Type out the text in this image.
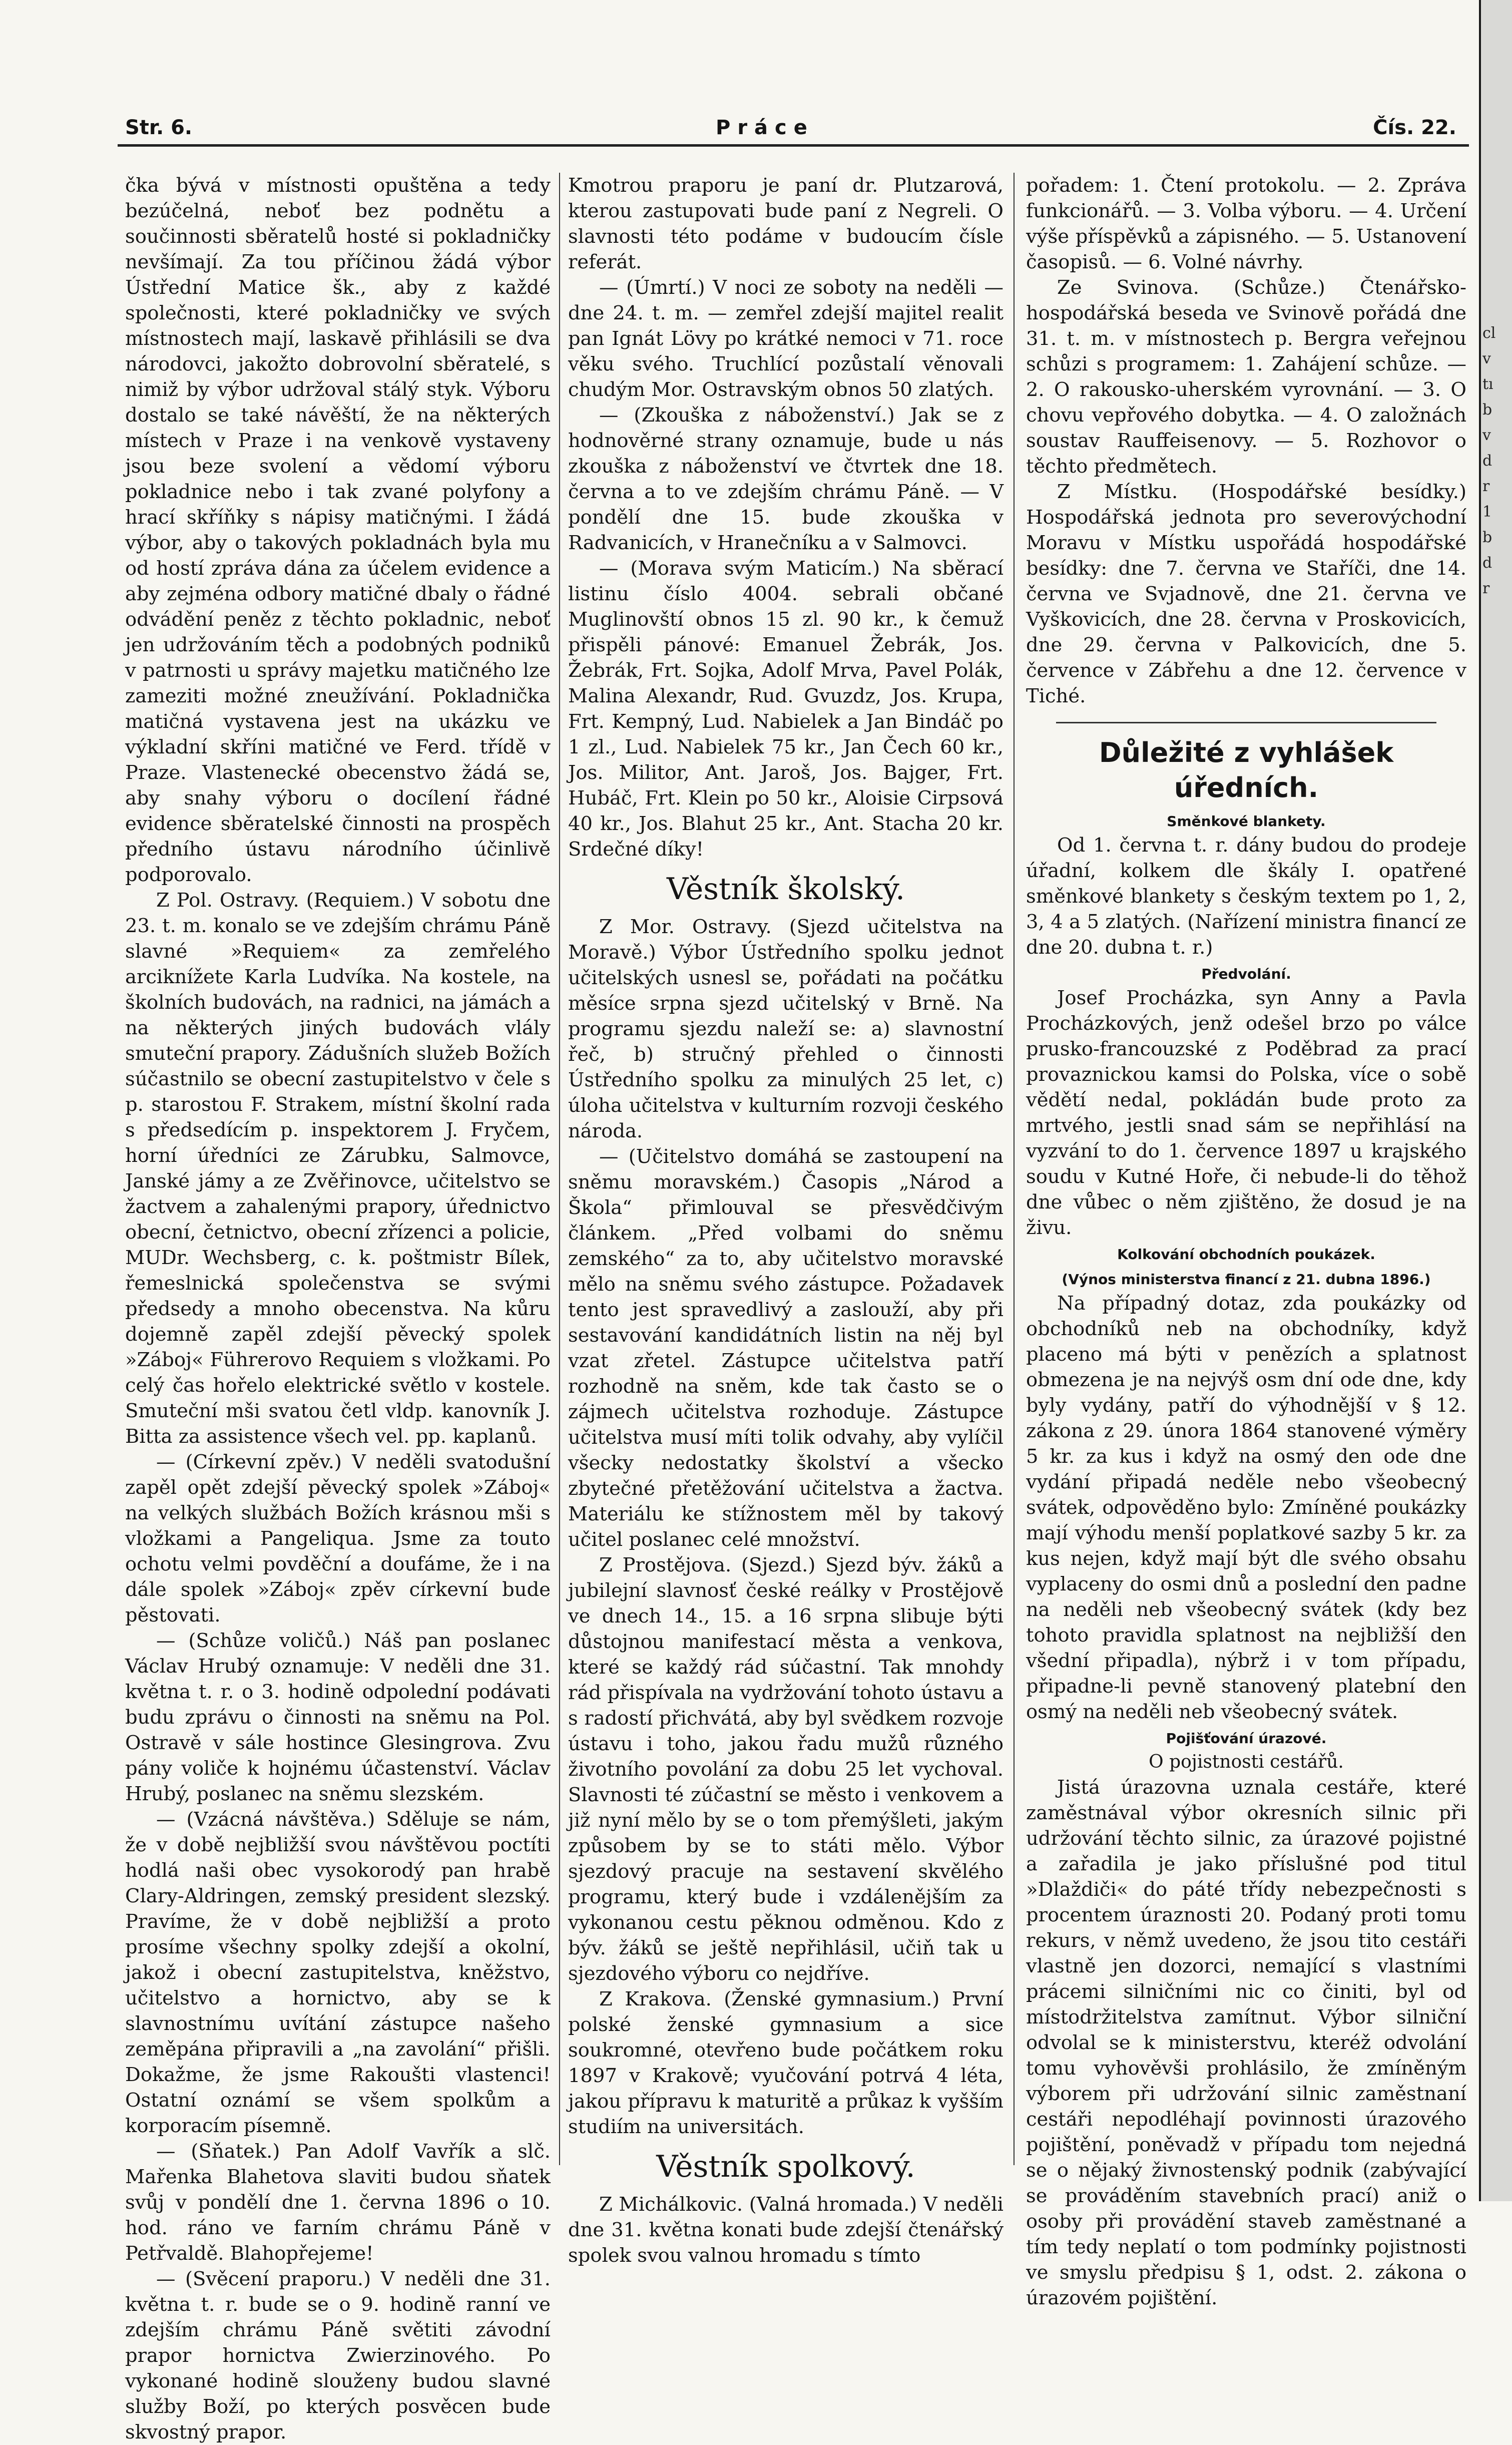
Str. 6.	Práce	Čís. 22.

čka bývá v místnosti opuštěna a tedy bezúčelná, neboť bez podnětu a součinnosti sběratelů hosté si pokladničky nevšímají. Za tou příčinou žádá výbor Ústřední Matice šk., aby z každé společnosti, které pokladničky ve svých místnostech mají, laskavě přihlásili se dva národovci, jakožto dobrovolní sběratelé, s nimiž by výbor udržoval stálý styk. Výboru dostalo se také návěští, že na některých místech v Praze i na venkově vystaveny jsou beze svolení a vědomí výboru pokladnice nebo i tak zvané polyfony a hrací skříňky s nápisy matičnými. I žádá výbor, aby o takových pokladnách byla mu od hostí zpráva dána za účelem evidence a aby zejména odbory matičné dbaly o řádné odvádění peněz z těchto pokladnic, neboť jen udržováním těch a podobných podniků v patrnosti u správy majetku matičného lze zameziti možné zneužívání. Pokladnička matičná vystavena jest na ukázku ve výkladní skříni matičné ve Ferd. třídě v Praze. Vlastenecké obecenstvo žádá se, aby snahy výboru o docílení řádné evidence sběratelské činnosti na prospěch předního ústavu národního účinlivě podporovalo.

Z Pol. Ostravy. (Requiem.) V sobotu dne 23. t. m. konalo se ve zdejším chrámu Páně slavné »Requiem« za zemřelého arciknížete Karla Ludvíka. Na kostele, na školních budovách, na radnici, na jámách a na některých jiných budovách vlály smuteční prapory. Zádušních služeb Božích súčastnilo se obecní zastupitelstvo v čele s p. starostou F. Strakem, místní školní rada s předsedícím p. inspektorem J. Fryčem, horní úředníci ze Zárubku, Salmovce, Janské jámy a ze Zvěřinovce, učitelstvo se žactvem a zahalenými prapory, úřednictvo obecní, četnictvo, obecní zřízenci a policie, MUDr. Wechsberg, c. k. poštmistr Bílek, řemeslnická společenstva se svými předsedy a mnoho obecenstva. Na kůru dojemně zapěl zdejší pěvecký spolek »Záboj« Führerovo Requiem s vložkami. Po celý čas hořelo elektrické světlo v kostele. Smuteční mši svatou četl vldp. kanovník J. Bitta za assistence všech vel. pp. kaplanů.

— (Církevní zpěv.) V neděli svatodušní zapěl opět zdejší pěvecký spolek »Záboj« na velkých službách Božích krásnou mši s vložkami a Pangeliqua. Jsme za touto ochotu velmi povděční a doufáme, že i na dále spolek »Záboj« zpěv církevní bude pěstovati.

— (Schůze voličů.) Náš pan poslanec Václav Hrubý oznamuje: V neděli dne 31. května t. r. o 3. hodině odpolední podávati budu zprávu o činnosti na sněmu na Pol. Ostravě v sále hostince Glesingrova. Zvu pány voliče k hojnému účastenství. Václav Hrubý, poslanec na sněmu slezském.

— (Vzácná návštěva.) Sděluje se nám, že v době nejbližší svou návštěvou poctíti hodlá naši obec vysokorodý pan hrabě Clary-Aldringen, zemský president slezský. Pravíme, že v době nejbližší a proto prosíme všechny spolky zdejší a okolní, jakož i obecní zastupitelstva, kněžstvo, učitelstvo a hornictvo, aby se k slavnostnímu uvítání zástupce našeho zeměpána připravili a „na zavolání“ přišli. Dokažme, že jsme Rakoušti vlastenci! Ostatní oznámí se všem spolkům a korporacím písemně.

— (Sňatek.) Pan Adolf Vavřík a slč. Mařenka Blahetova slaviti budou sňatek svůj v pondělí dne 1. června 1896 o 10. hod. ráno ve farním chrámu Páně v Petřvaldě. Blahopřejeme!

— (Svěcení praporu.) V neděli dne 31. května t. r. bude se o 9. hodině ranní ve zdejším chrámu Páně světiti závodní prapor hornictva Zwierzinového. Po vykonané hodině slouženy budou slavné služby Boží, po kterých posvěcen bude skvostný prapor.

Kmotrou praporu je paní dr. Plutzarová, kterou zastupovati bude paní z Negreli. O slavnosti této podáme v budoucím čísle referát.

— (Úmrtí.) V noci ze soboty na neděli — dne 24. t. m. — zemřel zdejší majitel realit pan Ignát Lövy po krátké nemoci v 71. roce věku svého. Truchlící pozůstalí věnovali chudým Mor. Ostravským obnos 50 zlatých.

— (Zkouška z náboženství.) Jak se z hodnověrné strany oznamuje, bude u nás zkouška z náboženství ve čtvrtek dne 18. června a to ve zdejším chrámu Páně. — V pondělí dne 15. bude zkouška v Radvanicích, v Hranečníku a v Salmovci.

— (Morava svým Maticím.) Na sběrací listinu číslo 4004. sebrali občané Muglinovští obnos 15 zl. 90 kr., k čemuž přispěli pánové: Emanuel Žebrák, Jos. Žebrák, Frt. Sojka, Adolf Mrva, Pavel Polák, Malina Alexandr, Rud. Gvuzdz, Jos. Krupa, Frt. Kempný, Lud. Nabielek a Jan Bindáč po 1 zl., Lud. Nabielek 75 kr., Jan Čech 60 kr., Jos. Militor, Ant. Jaroš, Jos. Bajger, Frt. Hubáč, Frt. Klein po 50 kr., Aloisie Cirpsová 40 kr., Jos. Blahut 25 kr., Ant. Stacha 20 kr. Srdečné díky!

Věstník školský.

Z Mor. Ostravy. (Sjezd učitelstva na Moravě.) Výbor Ústředního spolku jednot učitelských usnesl se, pořádati na počátku měsíce srpna sjezd učitelský v Brně. Na programu sjezdu naleží se: a) slavnostní řeč, b) stručný přehled o činnosti Ústředního spolku za minulých 25 let, c) úloha učitelstva v kulturním rozvoji českého národa.

— (Učitelstvo domáhá se zastoupení na sněmu moravském.) Časopis „Národ a Škola“ přimlouval se přesvědčivým článkem. „Před volbami do sněmu zemského“ za to, aby učitelstvo moravské mělo na sněmu svého zástupce. Požadavek tento jest spravedlivý a zaslouží, aby při sestavování kandidátních listin na něj byl vzat zřetel. Zástupce učitelstva patří rozhodně na sněm, kde tak často se o zájmech učitelstva rozhoduje. Zástupce učitelstva musí míti tolik odvahy, aby vylíčil všecky nedostatky školství a všecko zbytečné přetěžování učitelstva a žactva. Materiálu ke stížnostem měl by takový učitel poslanec celé množství.

Z Prostějova. (Sjezd.) Sjezd býv. žáků a jubilejní slavnosť české reálky v Prostějově ve dnech 14., 15. a 16 srpna slibuje býti důstojnou manifestací města a venkova, které se každý rád súčastní. Tak mnohdy rád přispívala na vydržování tohoto ústavu a s radostí přichvátá, aby byl svědkem rozvoje ústavu i toho, jakou řadu mužů různého životního povolání za dobu 25 let vychoval. Slavnosti té zúčastní se město i venkovem a již nyní mělo by se o tom přemýšleti, jakým způsobem by se to státi mělo. Výbor sjezdový pracuje na sestavení skvělého programu, který bude i vzdálenějším za vykonanou cestu pěknou odměnou. Kdo z býv. žáků se ještě nepřihlásil, učiň tak u sjezdového výboru co nejdříve.

Z Krakova. (Ženské gymnasium.) První polské ženské gymnasium a sice soukromné, otevřeno bude počátkem roku 1897 v Krakově; vyučování potrvá 4 léta, jakou přípravu k maturitě a průkaz k vyšším studiím na universitách.

Věstník spolkový.

Z Michálkovic. (Valná hromada.) V neděli dne 31. května konati bude zdejší čtenářský spolek svou valnou hromadu s tímto

pořadem: 1. Čtení protokolu. — 2. Zpráva funkcionářů. — 3. Volba výboru. — 4. Určení výše příspěvků a zápisného. — 5. Ustanovení časopisů. — 6. Volné návrhy.

Ze Svinova. (Schůze.) Čtenářsko-hospodářská beseda ve Svinově pořádá dne 31. t. m. v místnostech p. Bergra veřejnou schůzi s programem: 1. Zahájení schůze. — 2. O rakousko-uherském vyrovnání. — 3. O chovu vepřového dobytka. — 4. O založnách soustav Rauffeisenovy. — 5. Rozhovor o těchto předmětech.

Z Místku. (Hospodářské besídky.) Hospodářská jednota pro severovýchodní Moravu v Místku uspořádá hospodářské besídky: dne 7. června ve Staříči, dne 14. června ve Svjadnově, dne 21. června ve Vyškovicích, dne 28. června v Proskovicích, dne 29. června v Palkovicích, dne 5. července v Zábřehu a dne 12. července v Tiché.

Důležité z vyhlášek úředních.
Směnkové blankety.

Od 1. června t. r. dány budou do prodeje úřadní, kolkem dle škály I. opatřené směnkové blankety s českým textem po 1, 2, 3, 4 a 5 zlatých. (Nařízení ministra financí ze dne 20. dubna t. r.)

Předvolání.

Josef Procházka, syn Anny a Pavla Procházkových, jenž odešel brzo po válce prusko-francouzské z Poděbrad za prací provaznickou kamsi do Polska, více o sobě vědětí nedal, pokládán bude proto za mrtvého, jestli snad sám se nepřihlásí na vyzvání to do 1. července 1897 u krajského soudu v Kutné Hoře, či nebude-li do těhož dne vůbec o něm zjištěno, že dosud je na živu.

Kolkování obchodních poukázek.
(Výnos ministerstva financí z 21. dubna 1896.)

Na případný dotaz, zda poukázky od obchodníků neb na obchodníky, když placeno má býti v penězích a splatnost obmezena je na nejvýš osm dní ode dne, kdy byly vydány, patří do výhodnější v § 12. zákona z 29. února 1864 stanovené výměry 5 kr. za kus i když na osmý den ode dne vydání připadá neděle nebo všeobecný svátek, odpověděno bylo: Zmíněné poukázky mají výhodu menší poplatkové sazby 5 kr. za kus nejen, když mají být dle svého obsahu vyplaceny do osmi dnů a poslední den padne na neděli neb všeobecný svátek (kdy bez tohoto pravidla splatnost na nejbližší den všední připadla), nýbrž i v tom případu, připadne-li pevně stanovený platební den osmý na neděli neb všeobecný svátek.

Pojišťování úrazové.
O pojistnosti cestářů.

Jistá úrazovna uznala cestáře, které zaměstnával výbor okresních silnic při udržování těchto silnic, za úrazové pojistné a zařadila je jako příslušné pod titul »Dlaždiči« do páté třídy nebezpečnosti s procentem úraznosti 20. Podaný proti tomu rekurs, v němž uvedeno, že jsou tito cestáři vlastně jen dozorci, nemající s vlastními prácemi silničními nic co činiti, byl od místodržitelstva zamítnut. Výbor silniční odvolal se k ministerstvu, kteréž odvolání tomu vyhověvši prohlásilo, že zmíněným výborem při udržování silnic zaměstnaní cestáři nepodléhají povinnosti úrazového pojištění, poněvadž v případu tom nejedná se o nějaký živnostenský podnik (zabývající se prováděním stavebních prací) aniž o osoby při provádění staveb zaměstnané a tím tedy neplatí o tom podmínky pojistnosti ve smyslu předpisu § 1, odst. 2. zákona o úrazovém pojištění.

cl
v
tı
b
v
d
r
1
b
d
r
